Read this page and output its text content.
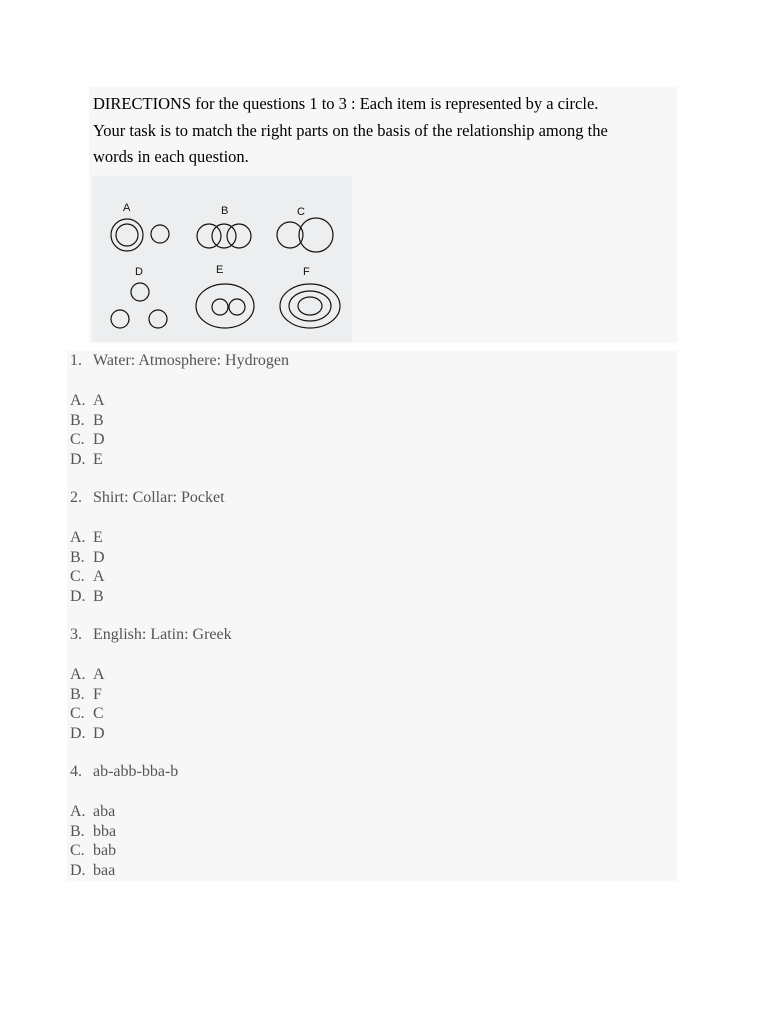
DIRECTIONS for the questions 1 to 3 : Each item is represented by a circle.
Your task is to match the right parts on the basis of the relationship among the
words in each question.

A	B	C
D	E	F
1. Water: Atmosphere: Hydrogen
A. A
B. B
C. D
D. E
2. Shirt: Collar: Pocket
A. E
B. D
C. A
D. B
3. English: Latin: Greek
A. A
B. F
C. C
D. D
4. ab-abb-bba-b
A. aba
B. bba
C. bab
D. baa
